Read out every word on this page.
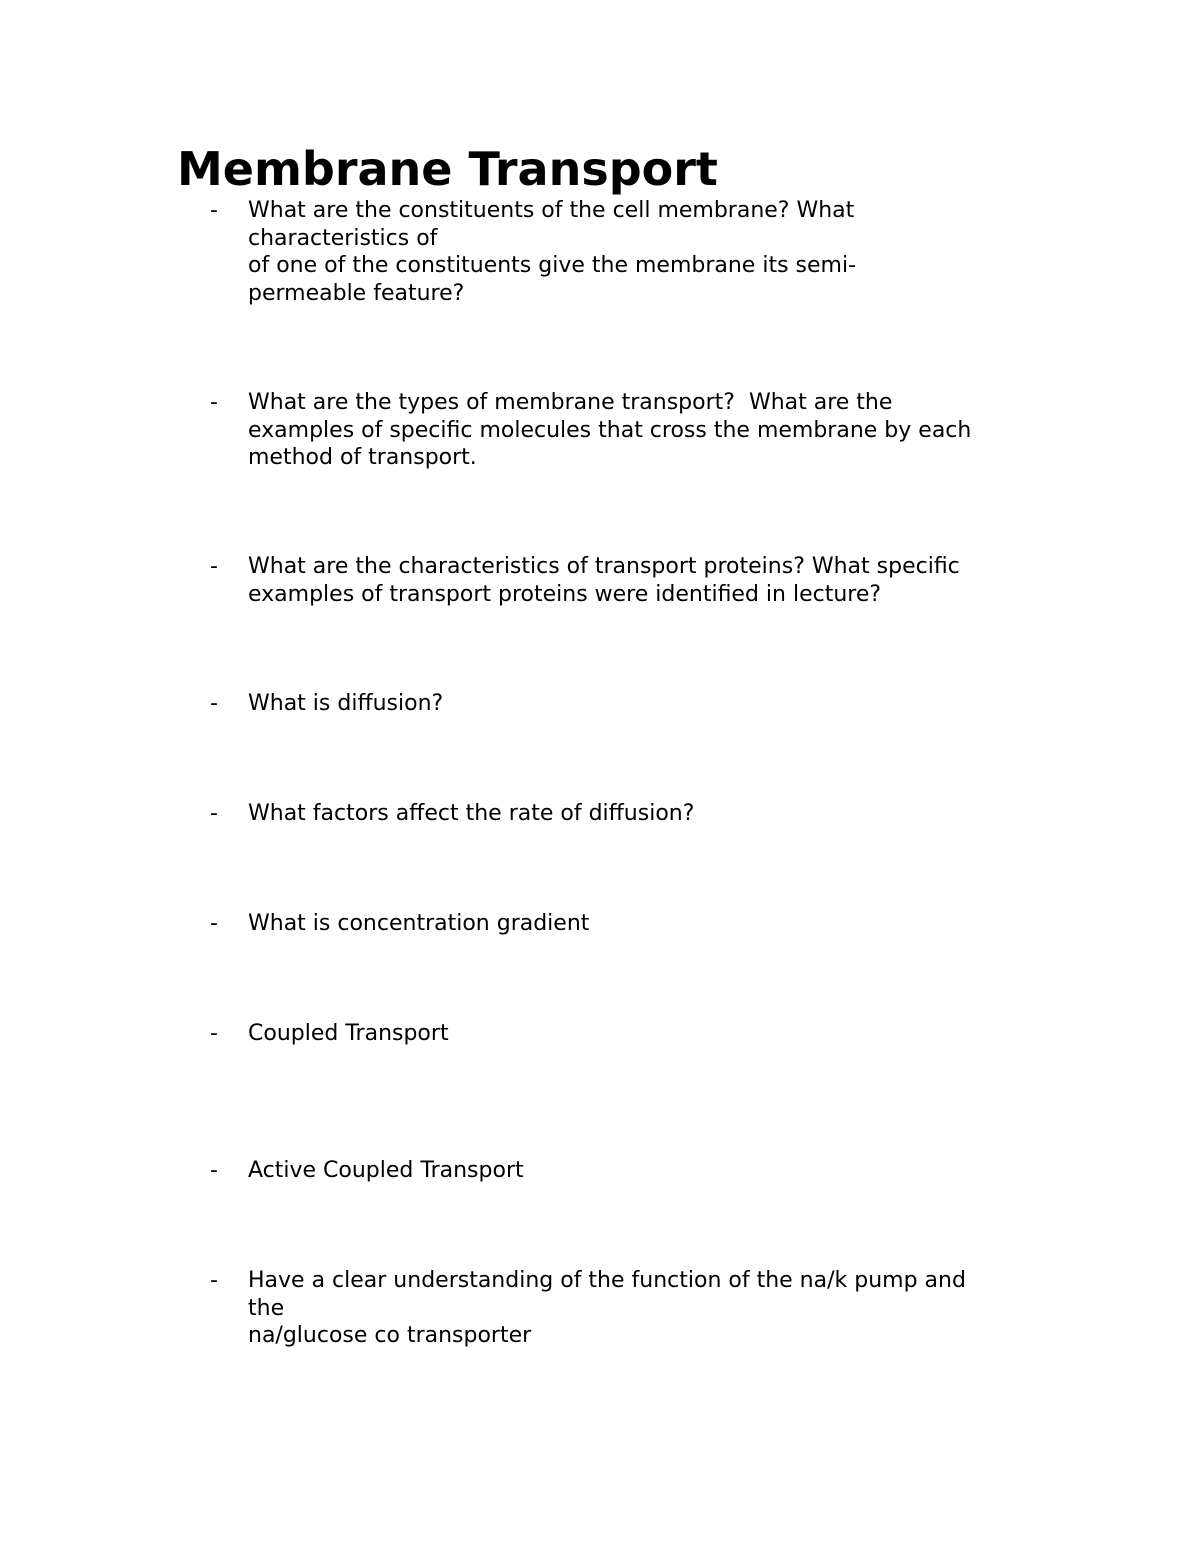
Membrane Transport
- What are the constituents of the cell membrane? What
characteristics of
of one of the constituents give the membrane its semi-
permeable feature?
- What are the types of membrane transport?  What are the
examples of specific molecules that cross the membrane by each
method of transport.
- What are the characteristics of transport proteins? What specific
examples of transport proteins were identified in lecture?
- What is diffusion?
- What factors affect the rate of diffusion?
- What is concentration gradient
- Coupled Transport
- Active Coupled Transport
- Have a clear understanding of the function of the na/k pump and
the
na/glucose co transporter
